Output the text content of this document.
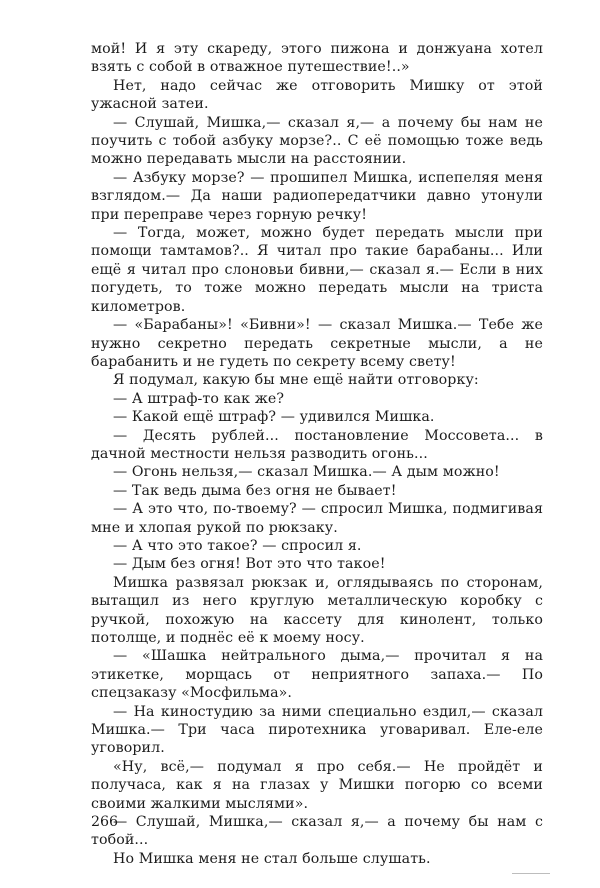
мой! И я эту скареду, этого пижона и донжуана хотел взять с собой в отважное путешествие!..»

Нет, надо сейчас же отговорить Мишку от этой ужасной затеи.

— Слушай, Мишка,— сказал я,— а почему бы нам не поучить с тобой азбуку морзе?.. С её помощью тоже ведь можно передавать мысли на расстоянии.

— Азбуку морзе? — прошипел Мишка, испепеляя меня взглядом.— Да наши радиопередатчики давно утонули при переправе через горную речку!

— Тогда, может, можно будет передать мысли при помощи тамтамов?.. Я читал про такие барабаны... Или ещё я читал про слоновьи бивни,— сказал я.— Если в них погудеть, то тоже можно передать мысли на триста километров.

— «Барабаны»! «Бивни»! — сказал Мишка.— Тебе же нужно секретно передать секретные мысли, а не барабанить и не гудеть по секрету всему свету!

Я подумал, какую бы мне ещё найти отговорку:

— А штраф-то как же?

— Какой ещё штраф? — удивился Мишка.

— Десять рублей... постановление Моссовета... в дачной местности нельзя разводить огонь...

— Огонь нельзя,— сказал Мишка.— А дым можно!

— Так ведь дыма без огня не бывает!

— А это что, по-твоему? — спросил Мишка, подмигивая мне и хлопая рукой по рюкзаку.

— А что это такое? — спросил я.

— Дым без огня! Вот это что такое!

Мишка развязал рюкзак и, оглядываясь по сторонам, вытащил из него круглую металлическую коробку с ручкой, похожую на кассету для кинолент, только потолще, и поднёс её к моему носу.

— «Шашка нейтрального дыма,— прочитал я на этикетке, морщась от неприятного запаха.— По спецзаказу «Мосфильма».

— На киностудию за ними специально ездил,— сказал Мишка.— Три часа пиротехника уговаривал. Еле-еле уговорил.

«Ну, всё,— подумал я про себя.— Не пройдёт и получаса, как я на глазах у Мишки погорю со всеми своими жалкими мыслями».

— Слушай, Мишка,— сказал я,— а почему бы нам с тобой...

Но Мишка меня не стал больше слушать.

266
